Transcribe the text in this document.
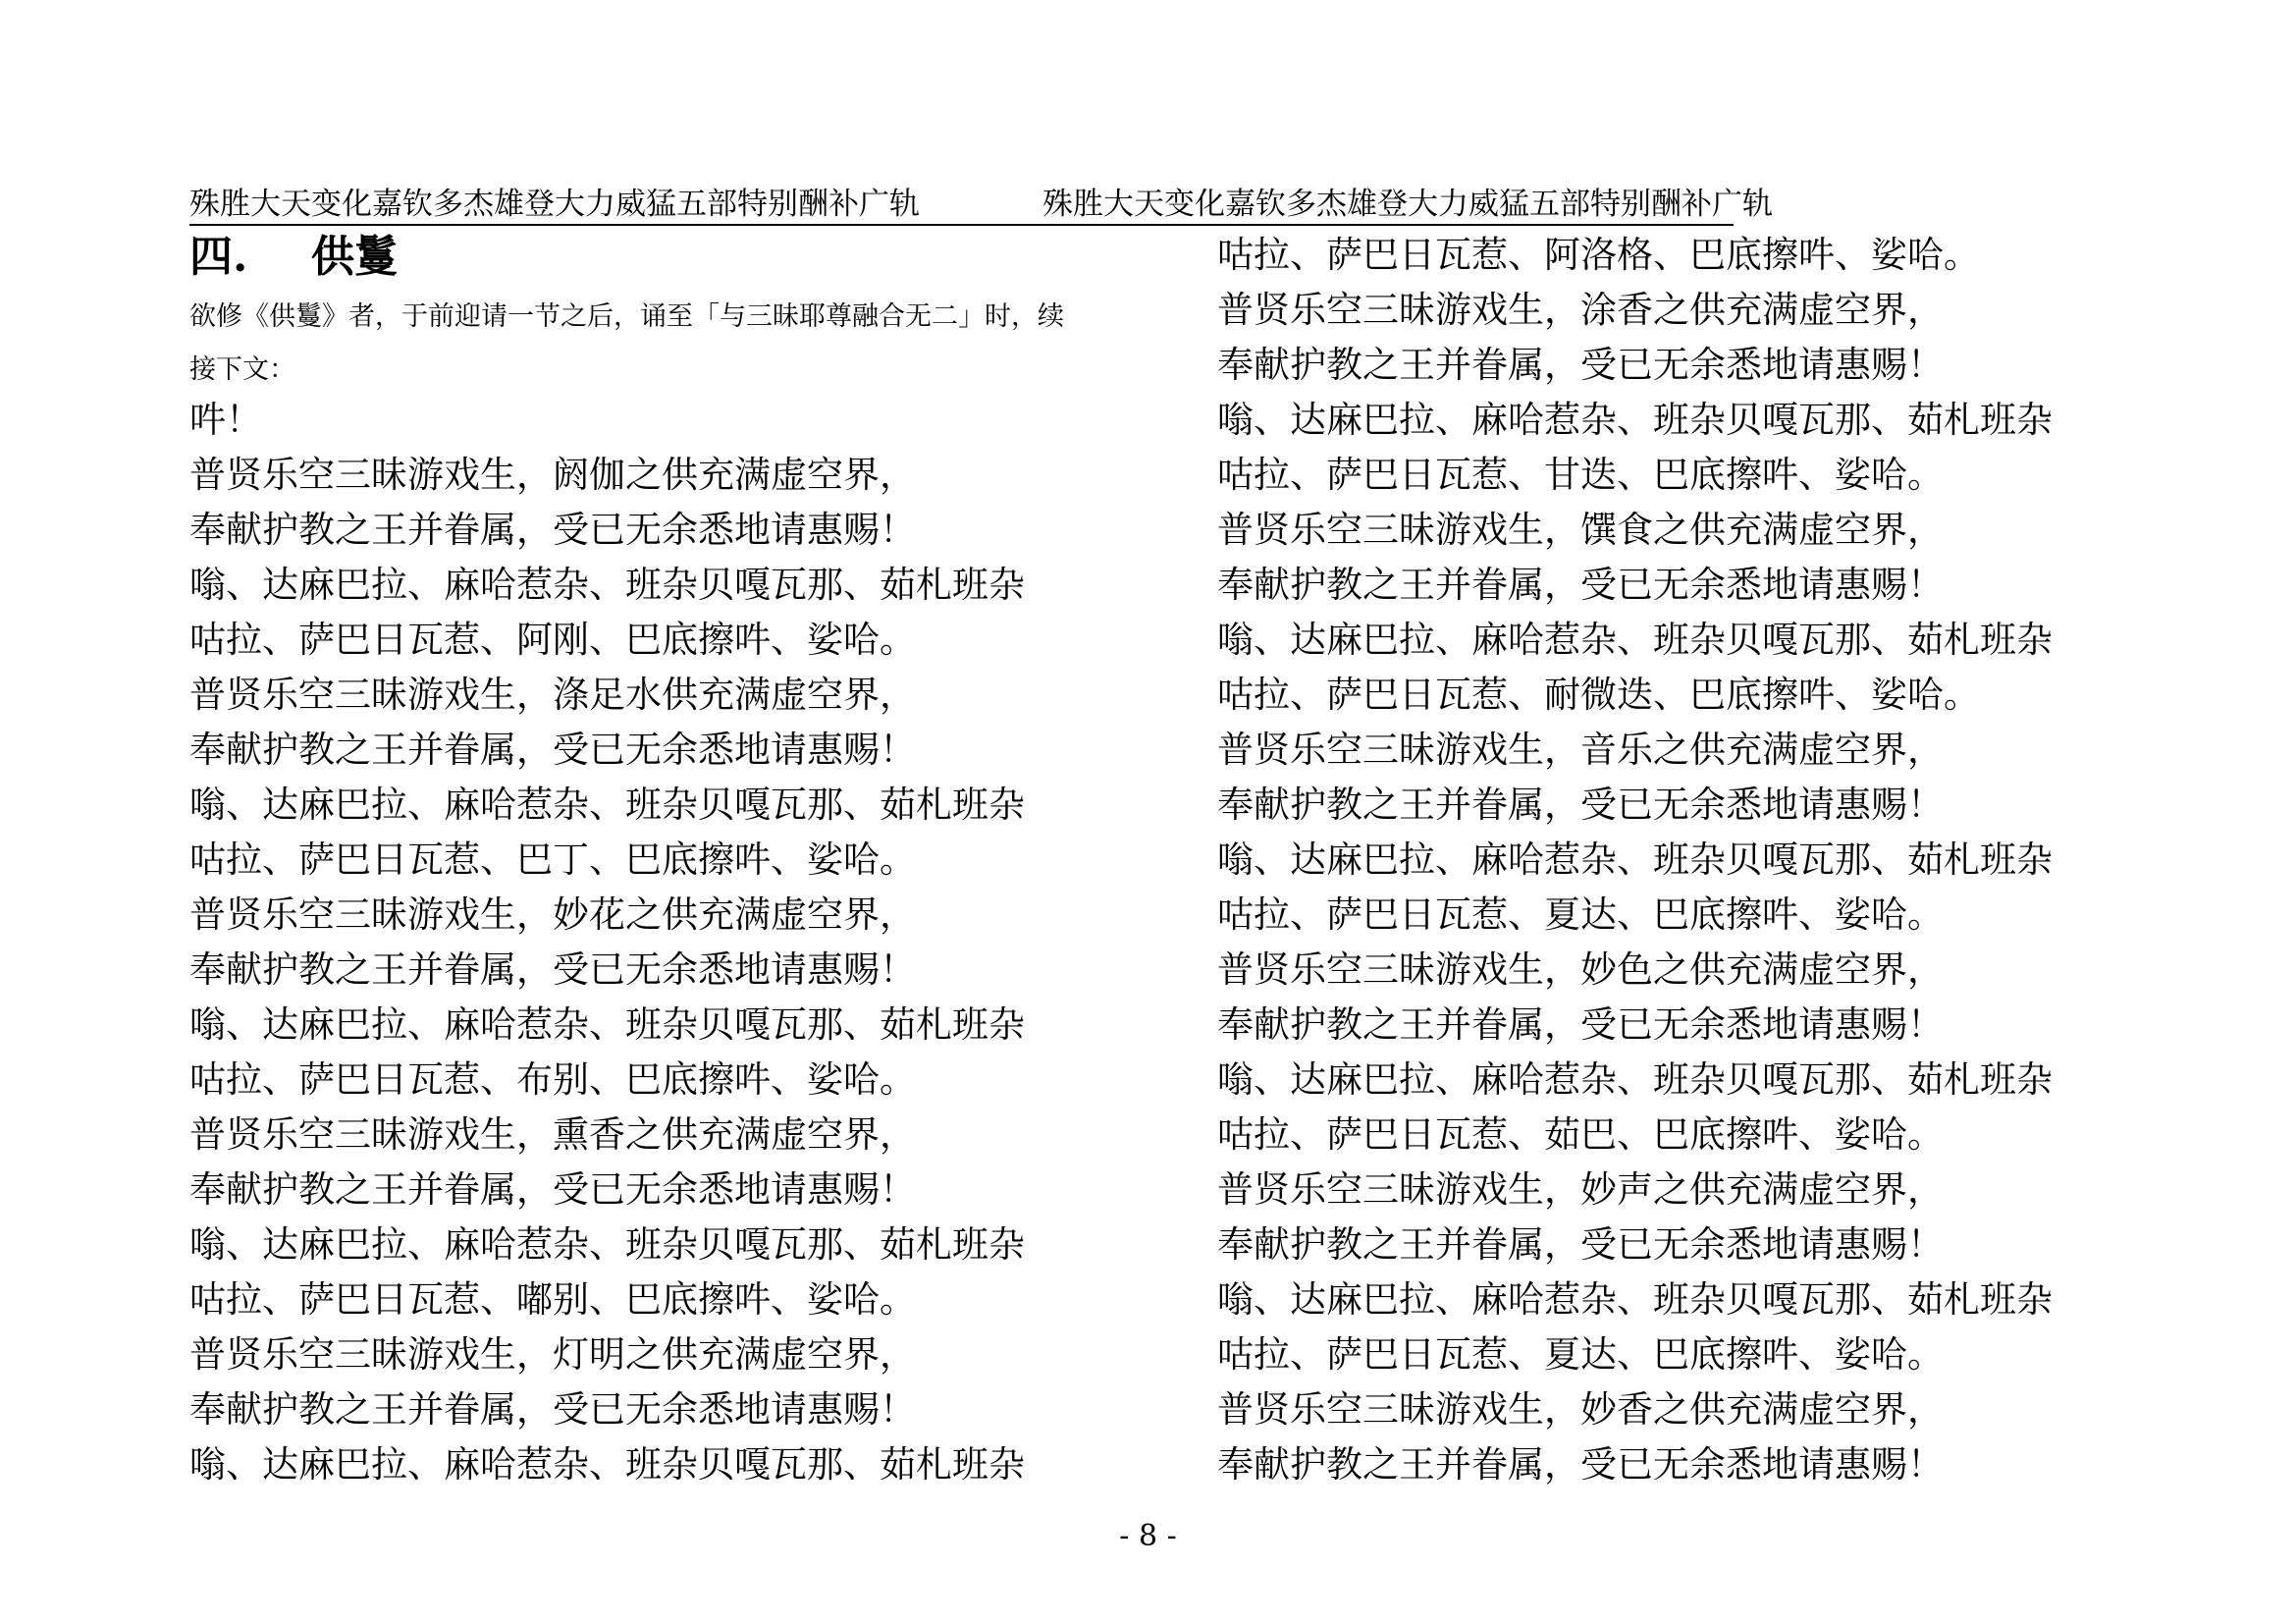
殊胜大天变化嘉钦多杰雄登大力威猛五部特别酬补广轨	殊胜大天变化嘉钦多杰雄登大力威猛五部特别酬补广轨
四. 供鬘
欲修《供鬘》者，于前迎请一节之后，诵至「与三昧耶尊融合无二」时，续
接下文：
吽！
普贤乐空三昧游戏生，阏伽之供充满虚空界，
奉献护教之王并眷属，受已无余悉地请惠赐！
嗡、达麻巴拉、麻哈惹杂、班杂贝嘎瓦那、茹札班杂
咕拉、萨巴日瓦惹、阿刚、巴底擦吽、娑哈。
普贤乐空三昧游戏生，涤足水供充满虚空界，
奉献护教之王并眷属，受已无余悉地请惠赐！
嗡、达麻巴拉、麻哈惹杂、班杂贝嘎瓦那、茹札班杂
咕拉、萨巴日瓦惹、巴丁、巴底擦吽、娑哈。
普贤乐空三昧游戏生，妙花之供充满虚空界，
奉献护教之王并眷属，受已无余悉地请惠赐！
嗡、达麻巴拉、麻哈惹杂、班杂贝嘎瓦那、茹札班杂
咕拉、萨巴日瓦惹、布别、巴底擦吽、娑哈。
普贤乐空三昧游戏生，熏香之供充满虚空界，
奉献护教之王并眷属，受已无余悉地请惠赐！
嗡、达麻巴拉、麻哈惹杂、班杂贝嘎瓦那、茹札班杂
咕拉、萨巴日瓦惹、嘟别、巴底擦吽、娑哈。
普贤乐空三昧游戏生，灯明之供充满虚空界，
奉献护教之王并眷属，受已无余悉地请惠赐！
嗡、达麻巴拉、麻哈惹杂、班杂贝嘎瓦那、茹札班杂
咕拉、萨巴日瓦惹、阿洛格、巴底擦吽、娑哈。
普贤乐空三昧游戏生，涂香之供充满虚空界，
奉献护教之王并眷属，受已无余悉地请惠赐！
嗡、达麻巴拉、麻哈惹杂、班杂贝嘎瓦那、茹札班杂
咕拉、萨巴日瓦惹、甘迭、巴底擦吽、娑哈。
普贤乐空三昧游戏生，馔食之供充满虚空界，
奉献护教之王并眷属，受已无余悉地请惠赐！
嗡、达麻巴拉、麻哈惹杂、班杂贝嘎瓦那、茹札班杂
咕拉、萨巴日瓦惹、耐微迭、巴底擦吽、娑哈。
普贤乐空三昧游戏生，音乐之供充满虚空界，
奉献护教之王并眷属，受已无余悉地请惠赐！
嗡、达麻巴拉、麻哈惹杂、班杂贝嘎瓦那、茹札班杂
咕拉、萨巴日瓦惹、夏达、巴底擦吽、娑哈。
普贤乐空三昧游戏生，妙色之供充满虚空界，
奉献护教之王并眷属，受已无余悉地请惠赐！
嗡、达麻巴拉、麻哈惹杂、班杂贝嘎瓦那、茹札班杂
咕拉、萨巴日瓦惹、茹巴、巴底擦吽、娑哈。
普贤乐空三昧游戏生，妙声之供充满虚空界，
奉献护教之王并眷属，受已无余悉地请惠赐！
嗡、达麻巴拉、麻哈惹杂、班杂贝嘎瓦那、茹札班杂
咕拉、萨巴日瓦惹、夏达、巴底擦吽、娑哈。
普贤乐空三昧游戏生，妙香之供充满虚空界，
奉献护教之王并眷属，受已无余悉地请惠赐！
- 8 -
